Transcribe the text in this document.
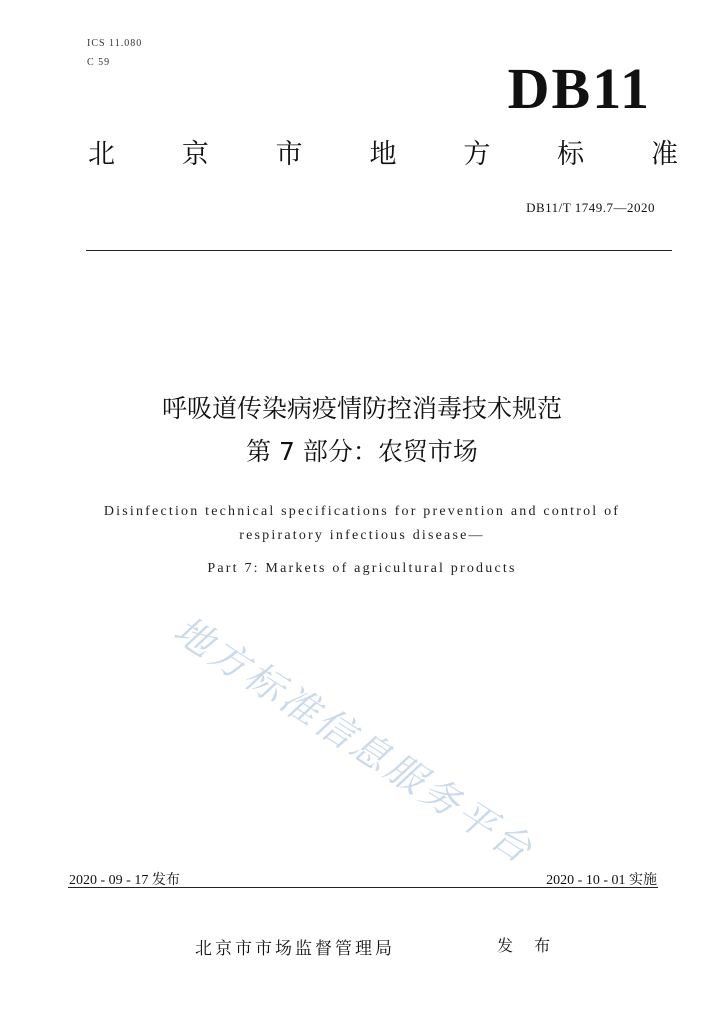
ICS 11.080
C 59	DB11
北 京 市 地 方 标 准
DB11/T 1749.7—2020
呼吸道传染病疫情防控消毒技术规范
第 7 部分：农贸市场
Disinfection technical specifications for prevention and control of
respiratory infectious disease—
Part 7: Markets of agricultural products
地方标准信息服务平台
2020 - 09 - 17 发布	2020 - 10 - 01 实施
北京市市场监督管理局	发 布
